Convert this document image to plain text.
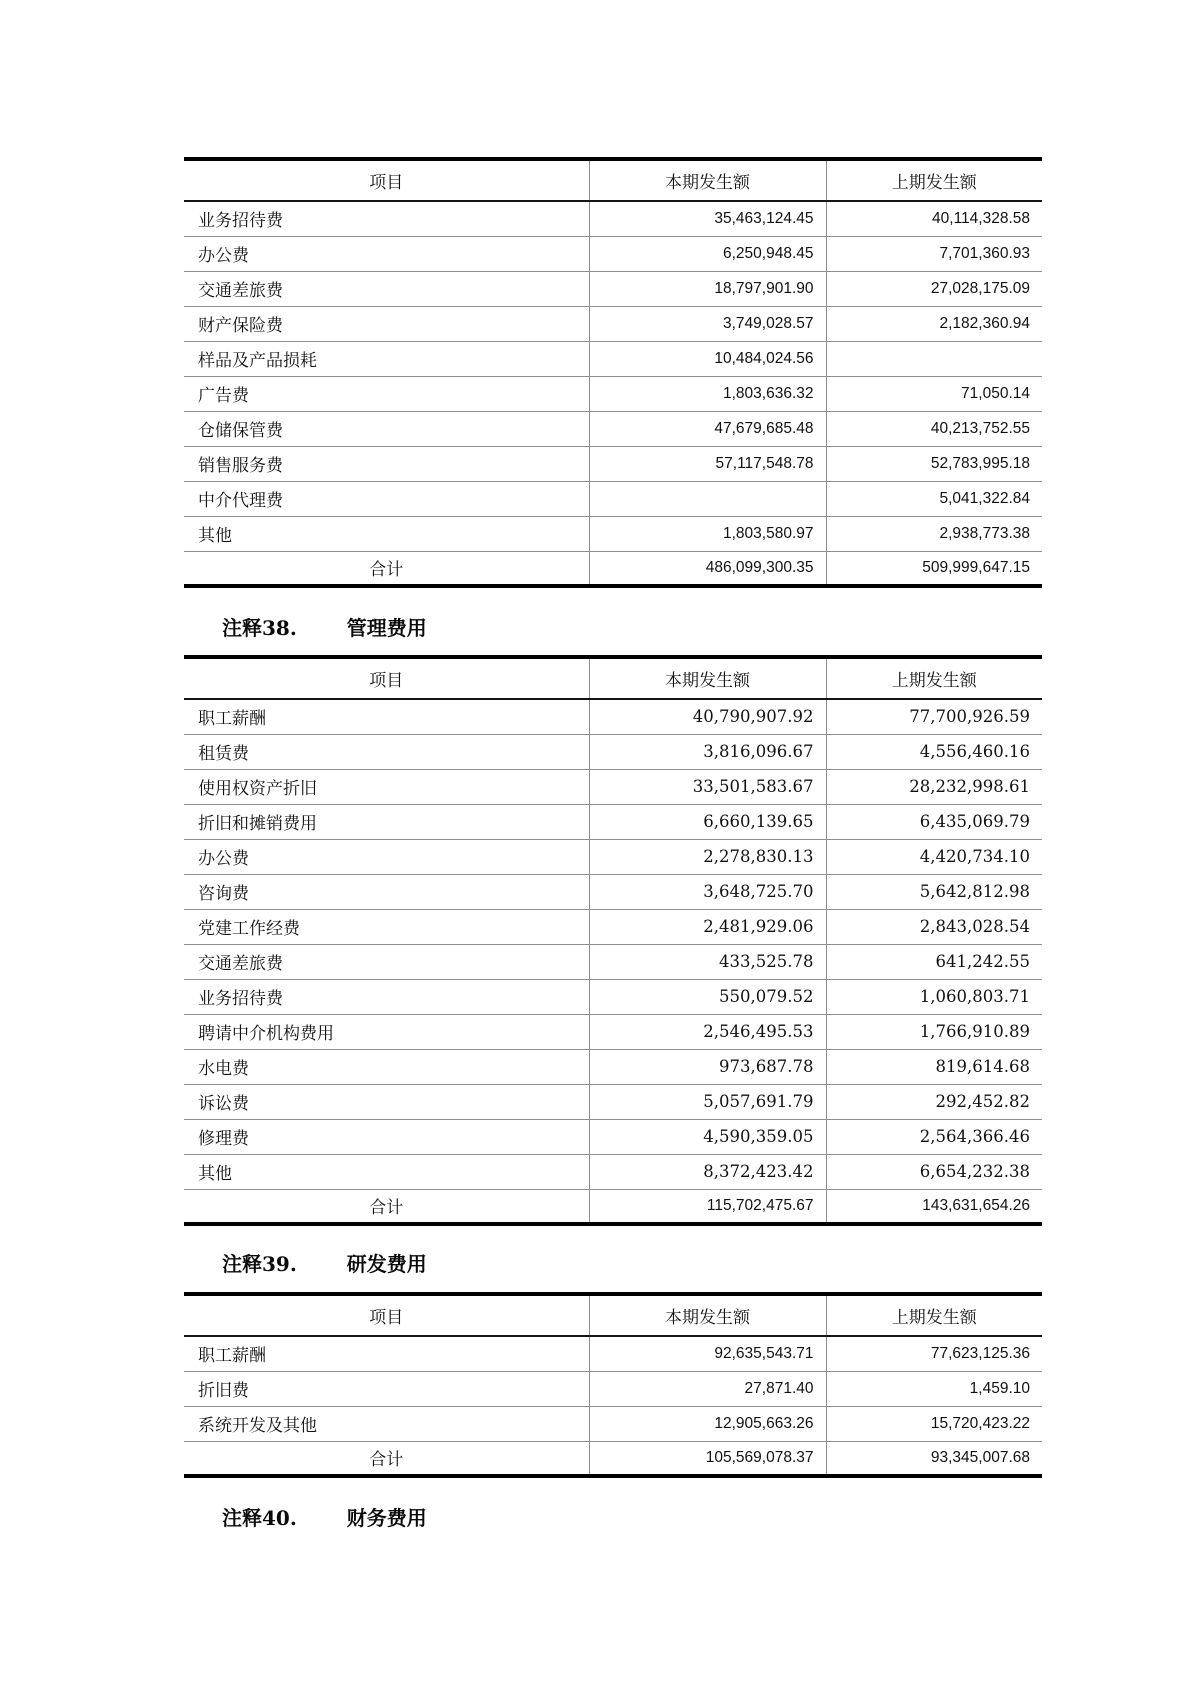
项目	本期发生额	上期发生额
业务招待费	35,463,124.45	40,114,328.58
办公费	6,250,948.45	7,701,360.93
交通差旅费	18,797,901.90	27,028,175.09
财产保险费	3,749,028.57	2,182,360.94
样品及产品损耗	10,484,024.56	
广告费	1,803,636.32	71,050.14
仓储保管费	47,679,685.48	40,213,752.55
销售服务费	57,117,548.78	52,783,995.18
中介代理费		5,041,322.84
其他	1,803,580.97	2,938,773.38
合计	486,099,300.35	509,999,647.15
注释38.	管理费用
项目	本期发生额	上期发生额
职工薪酬	40,790,907.92	77,700,926.59
租赁费	3,816,096.67	4,556,460.16
使用权资产折旧	33,501,583.67	28,232,998.61
折旧和摊销费用	6,660,139.65	6,435,069.79
办公费	2,278,830.13	4,420,734.10
咨询费	3,648,725.70	5,642,812.98
党建工作经费	2,481,929.06	2,843,028.54
交通差旅费	433,525.78	641,242.55
业务招待费	550,079.52	1,060,803.71
聘请中介机构费用	2,546,495.53	1,766,910.89
水电费	973,687.78	819,614.68
诉讼费	5,057,691.79	292,452.82
修理费	4,590,359.05	2,564,366.46
其他	8,372,423.42	6,654,232.38
合计	115,702,475.67	143,631,654.26
注释39.	研发费用
项目	本期发生额	上期发生额
职工薪酬	92,635,543.71	77,623,125.36
折旧费	27,871.40	1,459.10
系统开发及其他	12,905,663.26	15,720,423.22
合计	105,569,078.37	93,345,007.68
注释40.	财务费用
